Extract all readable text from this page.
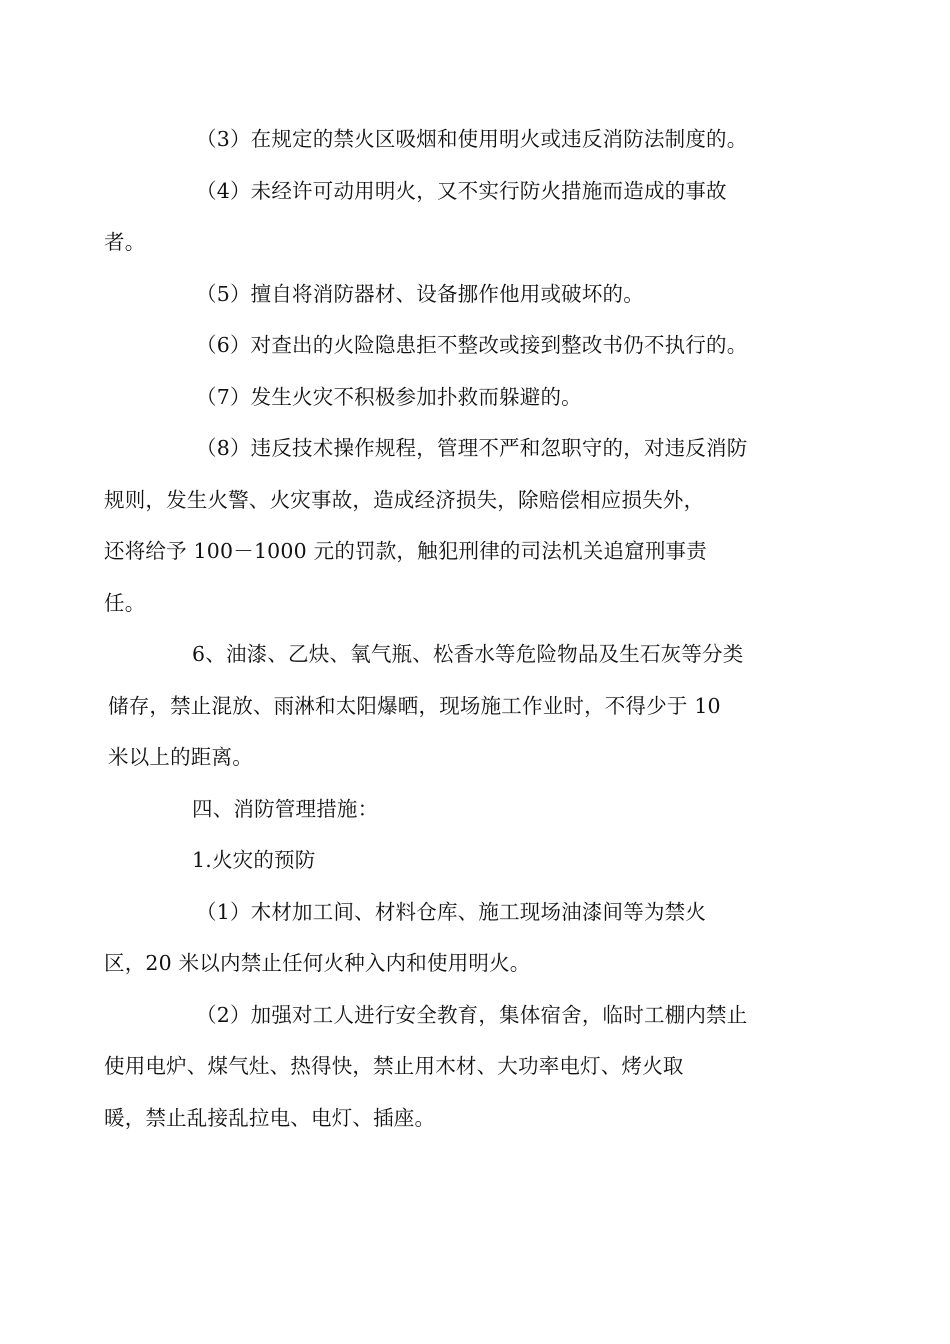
（3）在规定的禁火区吸烟和使用明火或违反消防法制度的。

（4）未经许可动用明火，又不实行防火措施而造成的事故
者。

（5）擅自将消防器材、设备挪作他用或破坏的。

（6）对查出的火险隐患拒不整改或接到整改书仍不执行的。

（7）发生火灾不积极参加扑救而躲避的。

（8）违反技术操作规程，管理不严和忽职守的，对违反消防
规则，发生火警、火灾事故，造成经济损失，除赔偿相应损失外，
还将给予 100－1000 元的罚款，触犯刑律的司法机关追窟刑事责
任。

6、油漆、乙炔、氧气瓶、松香水等危险物品及生石灰等分类
储存，禁止混放、雨淋和太阳爆晒，现场施工作业时，不得少于 10
米以上的距离。

四、消防管理措施：

1.火灾的预防

（1）木材加工间、材料仓库、施工现场油漆间等为禁火
区，20 米以内禁止任何火种入内和使用明火。

（2）加强对工人进行安全教育，集体宿舍，临时工棚内禁止
使用电炉、煤气灶、热得快，禁止用木材、大功率电灯、烤火取
暖，禁止乱接乱拉电、电灯、插座。
